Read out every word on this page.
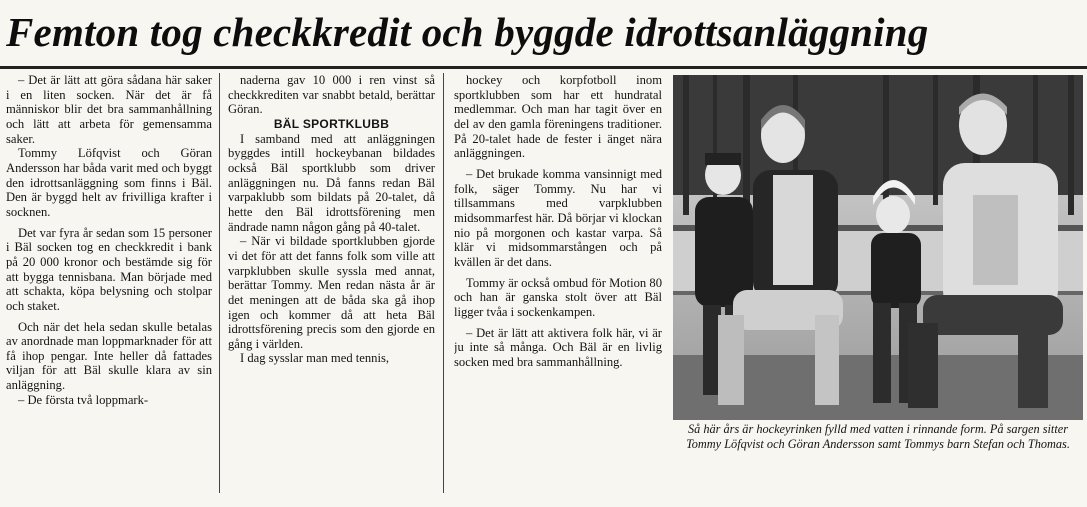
Femton tog checkkredit och byggde idrottsanläggning

– Det är lätt att göra sådana här saker i en liten socken. När det är få människor blir det bra sammanhållning och lätt att arbeta för gemensamma saker.

Tommy Löfqvist och Göran Andersson har båda varit med och byggt den idrottsanläggning som finns i Bäl. Den är byggd helt av frivilliga krafter i socknen.

Det var fyra år sedan som 15 personer i Bäl socken tog en checkkredit i bank på 20 000 kronor och bestämde sig för att bygga tennisbana. Man började med att schakta, köpa belysning och stolpar och staket.

Och när det hela sedan skulle betalas av anordnade man loppmarknader för att få ihop pengar. Inte heller då fattades viljan för att Bäl skulle klara av sin anläggning.

– De första två loppmark-

naderna gav 10 000 i ren vinst så checkkrediten var snabbt betald, berättar Göran.

BÄL SPORTKLUBB

I samband med att anläggningen byggdes intill hockeybanan bildades också Bäl sportklubb som driver anläggningen nu. Då fanns redan Bäl varpaklubb som bildats på 20-talet, då hette den Bäl idrottsförening men ändrade namn någon gång på 40-talet.

– När vi bildade sportklubben gjorde vi det för att det fanns folk som ville att varpklubben skulle syssla med annat, berättar Tommy. Men redan nästa år är det meningen att de båda ska gå ihop igen och kommer då att heta Bäl idrottsförening precis som den gjorde en gång i världen.

I dag sysslar man med tennis,

hockey och korpfotboll inom sportklubben som har ett hundratal medlemmar. Och man har tagit över en del av den gamla föreningens traditioner. På 20-talet hade de fester i änget nära anläggningen.

– Det brukade komma vansinnigt med folk, säger Tommy. Nu har vi tillsammans med varpklubben midsommarfest här. Då börjar vi klockan nio på morgonen och kastar varpa. Så klär vi midsommarstången och på kvällen är det dans.

Tommy är också ombud för Motion 80 och han är ganska stolt över att Bäl ligger tvåa i sockenkampen.

– Det är lätt att aktivera folk här, vi är ju inte så många. Och Bäl är en livlig socken med bra sammanhållning.

Så här års är hockeyrinken fylld med vatten i rinnande form. På sargen sitter Tommy Löfqvist och Göran Andersson samt Tommys barn Stefan och Thomas.
